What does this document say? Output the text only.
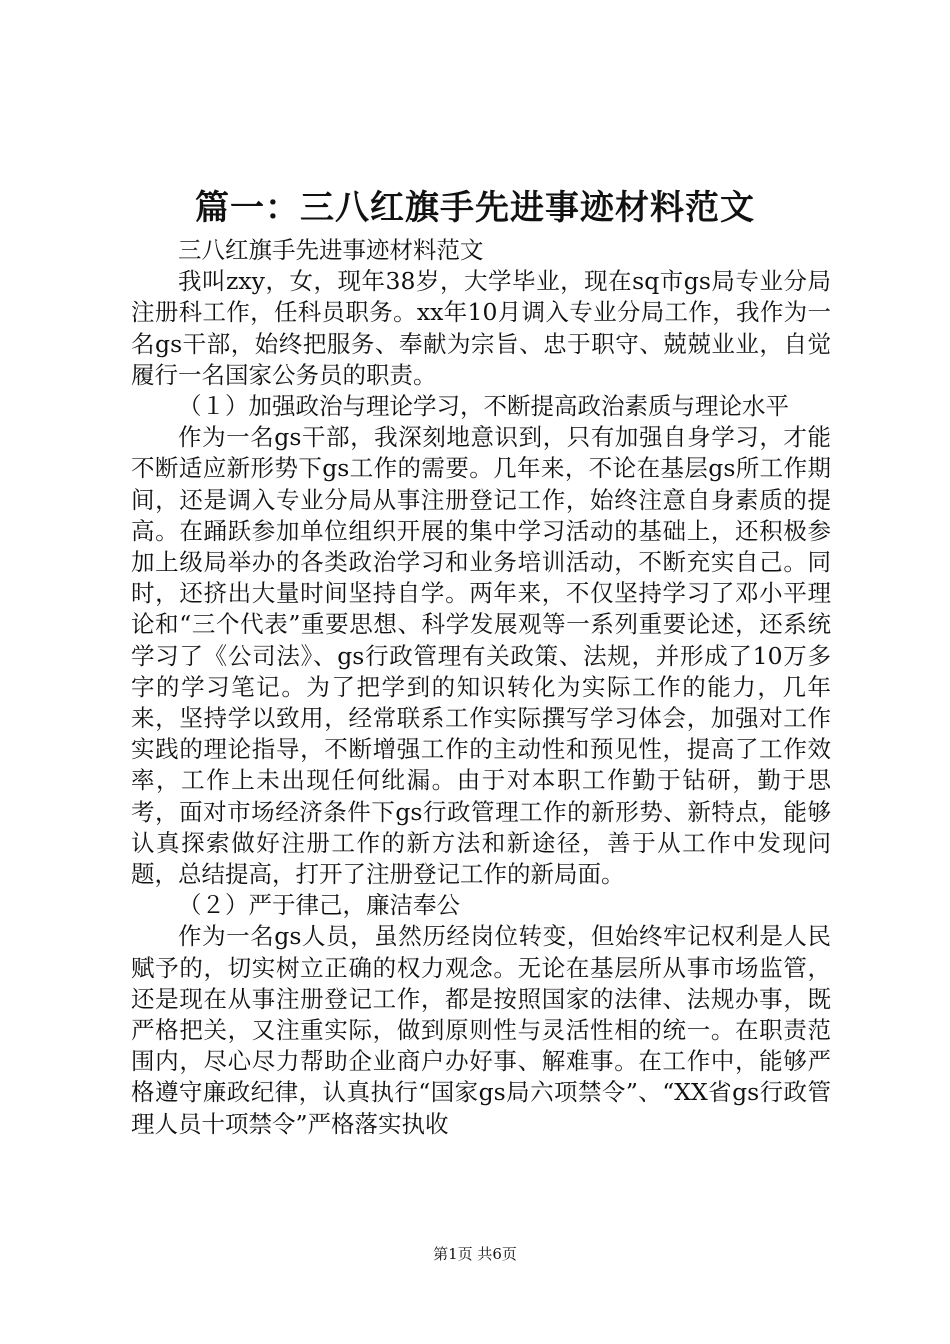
篇一：三八红旗手先进事迹材料范文

三八红旗手先进事迹材料范文

我叫zxy，女，现年38岁，大学毕业，现在sq市gs局专业分局注册科工作，任科员职务。xx年10月调入专业分局工作，我作为一名gs干部，始终把服务、奉献为宗旨、忠于职守、兢兢业业，自觉履行一名国家公务员的职责。

（１）加强政治与理论学习，不断提高政治素质与理论水平

作为一名gs干部，我深刻地意识到，只有加强自身学习，才能不断适应新形势下gs工作的需要。几年来，不论在基层gs所工作期间，还是调入专业分局从事注册登记工作，始终注意自身素质的提高。在踊跃参加单位组织开展的集中学习活动的基础上，还积极参加上级局举办的各类政治学习和业务培训活动，不断充实自己。同时，还挤出大量时间坚持自学。两年来，不仅坚持学习了邓小平理论和“三个代表”重要思想、科学发展观等一系列重要论述，还系统学习了《公司法》、gs行政管理有关政策、法规，并形成了10万多字的学习笔记。为了把学到的知识转化为实际工作的能力，几年来，坚持学以致用，经常联系工作实际撰写学习体会，加强对工作实践的理论指导，不断增强工作的主动性和预见性，提高了工作效率，工作上未出现任何纰漏。由于对本职工作勤于钻研，勤于思考，面对市场经济条件下gs行政管理工作的新形势、新特点，能够认真探索做好注册工作的新方法和新途径，善于从工作中发现问题，总结提高，打开了注册登记工作的新局面。

（２）严于律己，廉洁奉公

作为一名gs人员，虽然历经岗位转变，但始终牢记权利是人民赋予的，切实树立正确的权力观念。无论在基层所从事市场监管，还是现在从事注册登记工作，都是按照国家的法律、法规办事，既严格把关，又注重实际，做到原则性与灵活性相的统一。在职责范围内，尽心尽力帮助企业商户办好事、解难事。在工作中，能够严格遵守廉政纪律，认真执行“国家gs局六项禁令”、“XX省gs行政管理人员十项禁令”严格落实执收

第1页 共6页
